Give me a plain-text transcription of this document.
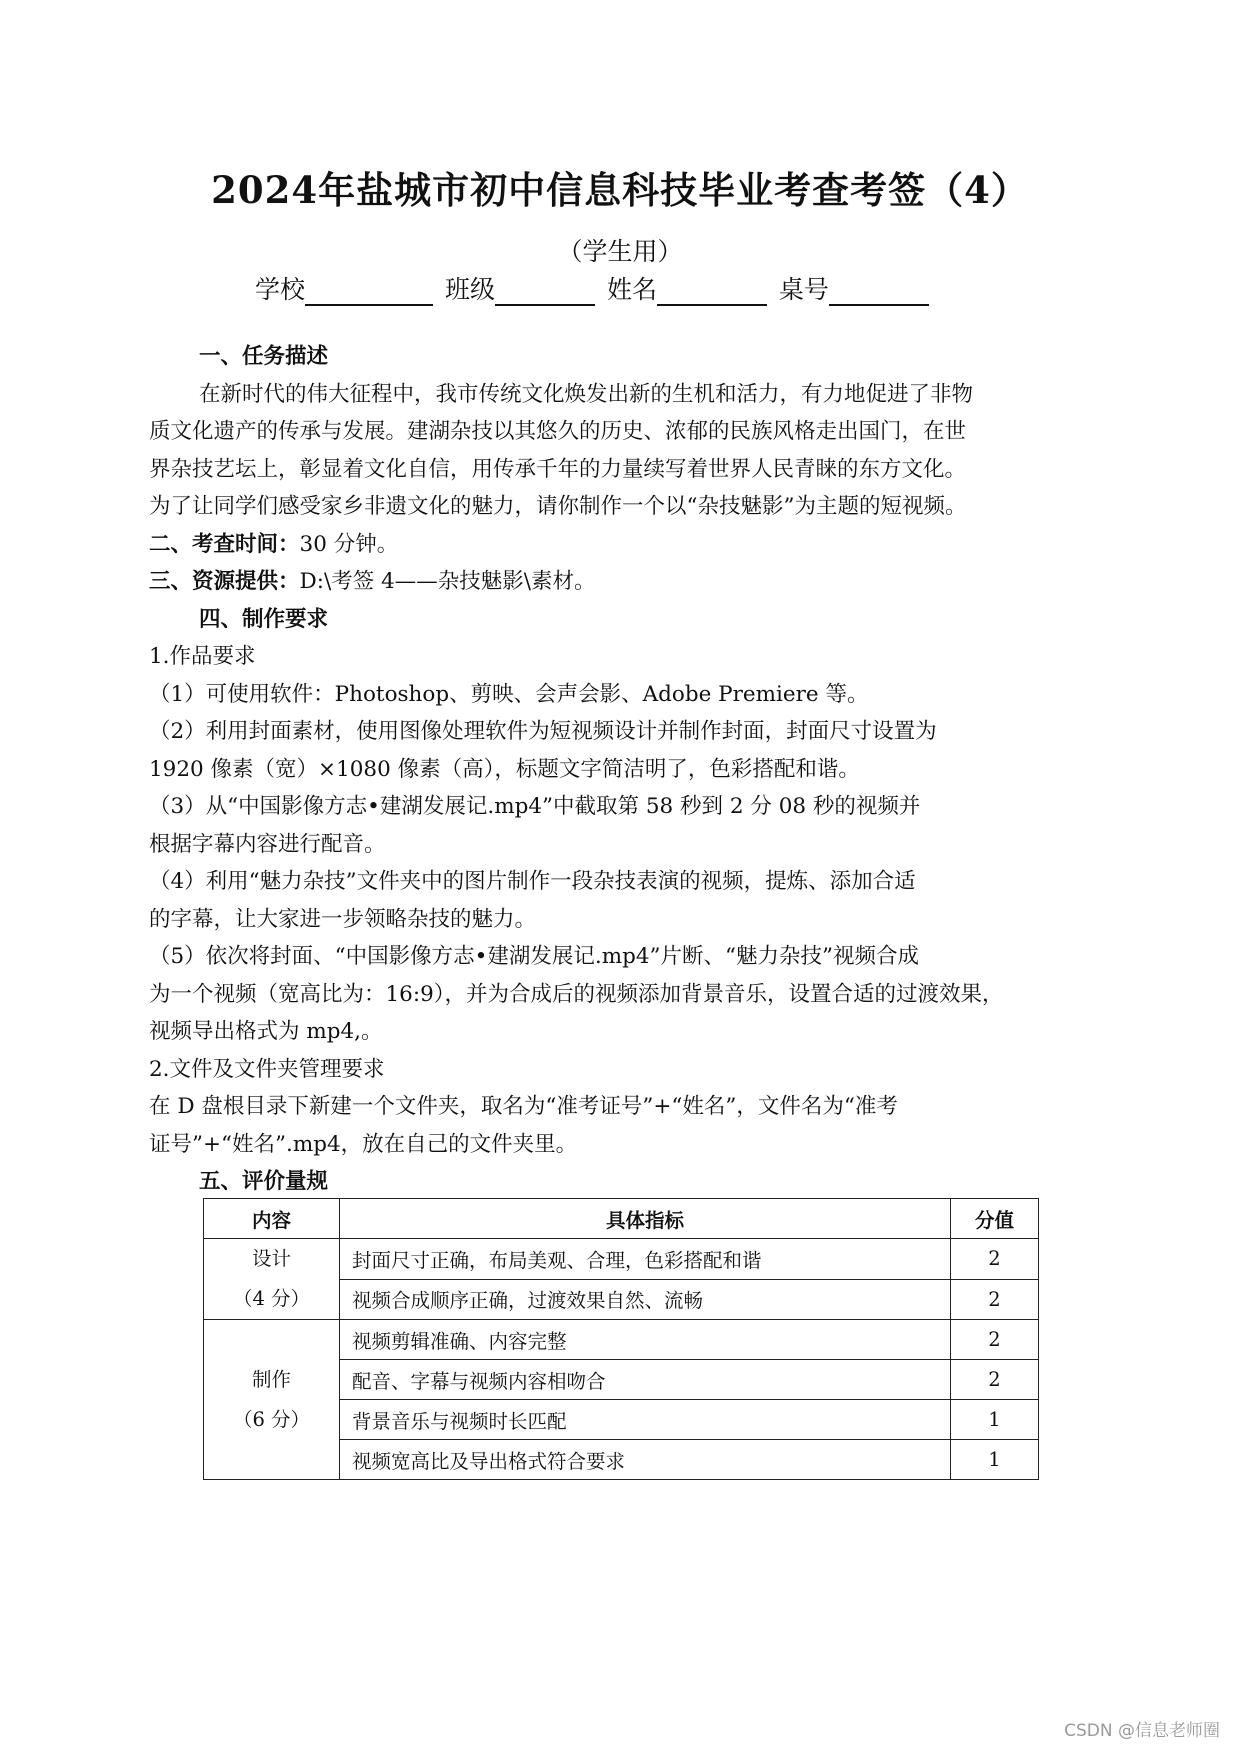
2024年盐城市初中信息科技毕业考查考签（4）
（学生用）
学校	班级	姓名	桌号

一、任务描述

在新时代的伟大征程中，我市传统文化焕发出新的生机和活力，有力地促进了非物

质文化遗产的传承与发展。建湖杂技以其悠久的历史、浓郁的民族风格走出国门，在世

界杂技艺坛上，彰显着文化自信，用传承千年的力量续写着世界人民青睐的东方文化。

为了让同学们感受家乡非遗文化的魅力，请你制作一个以“杂技魅影”为主题的短视频。

二、考查时间：30 分钟。

三、资源提供：D:\考签 4——杂技魅影\素材。

四、制作要求

1.作品要求

（1）可使用软件：Photoshop、剪映、会声会影、Adobe Premiere 等。

（2）利用封面素材，使用图像处理软件为短视频设计并制作封面，封面尺寸设置为

1920 像素（宽）×1080 像素（高），标题文字简洁明了，色彩搭配和谐。

（3）从“中国影像方志•建湖发展记.mp4”中截取第 58 秒到 2 分 08 秒的视频并

根据字幕内容进行配音。

（4）利用“魅力杂技”文件夹中的图片制作一段杂技表演的视频，提炼、添加合适

的字幕，让大家进一步领略杂技的魅力。

（5）依次将封面、“中国影像方志•建湖发展记.mp4”片断、“魅力杂技”视频合成

为一个视频（宽高比为：16:9），并为合成后的视频添加背景音乐，设置合适的过渡效果，

视频导出格式为 mp4,。

2.文件及文件夹管理要求

在 D 盘根目录下新建一个文件夹，取名为“准考证号”+“姓名”，文件名为“准考

证号”+“姓名”.mp4，放在自己的文件夹里。

五、评价量规

内容	具体指标	分值

设计
（4 分）	封面尺寸正确，布局美观、合理，色彩搭配和谐	2
	视频合成顺序正确，过渡效果自然、流畅	2

制作
（6 分）	视频剪辑准确、内容完整	2
	配音、字幕与视频内容相吻合	2
	背景音乐与视频时长匹配	1
	视频宽高比及导出格式符合要求	1
CSDN @信息老师圈
